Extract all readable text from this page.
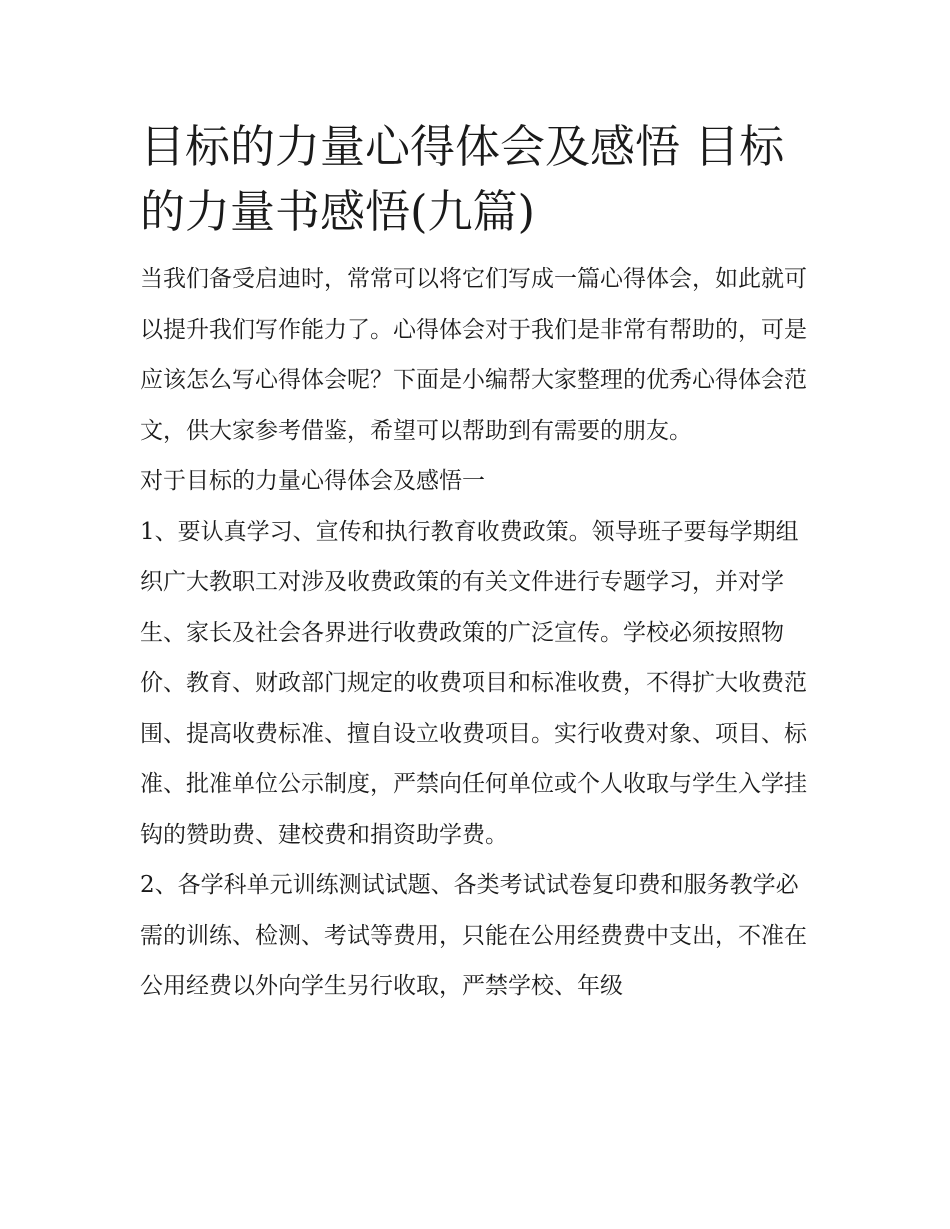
目标的力量心得体会及感悟 目标的力量书感悟(九篇)

当我们备受启迪时，常常可以将它们写成一篇心得体会，如此就可以提升我们写作能力了。心得体会对于我们是非常有帮助的，可是应该怎么写心得体会呢？下面是小编帮大家整理的优秀心得体会范文，供大家参考借鉴，希望可以帮助到有需要的朋友。

对于目标的力量心得体会及感悟一

1、要认真学习、宣传和执行教育收费政策。领导班子要每学期组织广大教职工对涉及收费政策的有关文件进行专题学习，并对学生、家长及社会各界进行收费政策的广泛宣传。学校必须按照物价、教育、财政部门规定的收费项目和标准收费，不得扩大收费范围、提高收费标准、擅自设立收费项目。实行收费对象、项目、标准、批准单位公示制度，严禁向任何单位或个人收取与学生入学挂钩的赞助费、建校费和捐资助学费。

2、各学科单元训练测试试题、各类考试试卷复印费和服务教学必需的训练、检测、考试等费用，只能在公用经费费中支出，不准在公用经费以外向学生另行收取，严禁学校、年级
